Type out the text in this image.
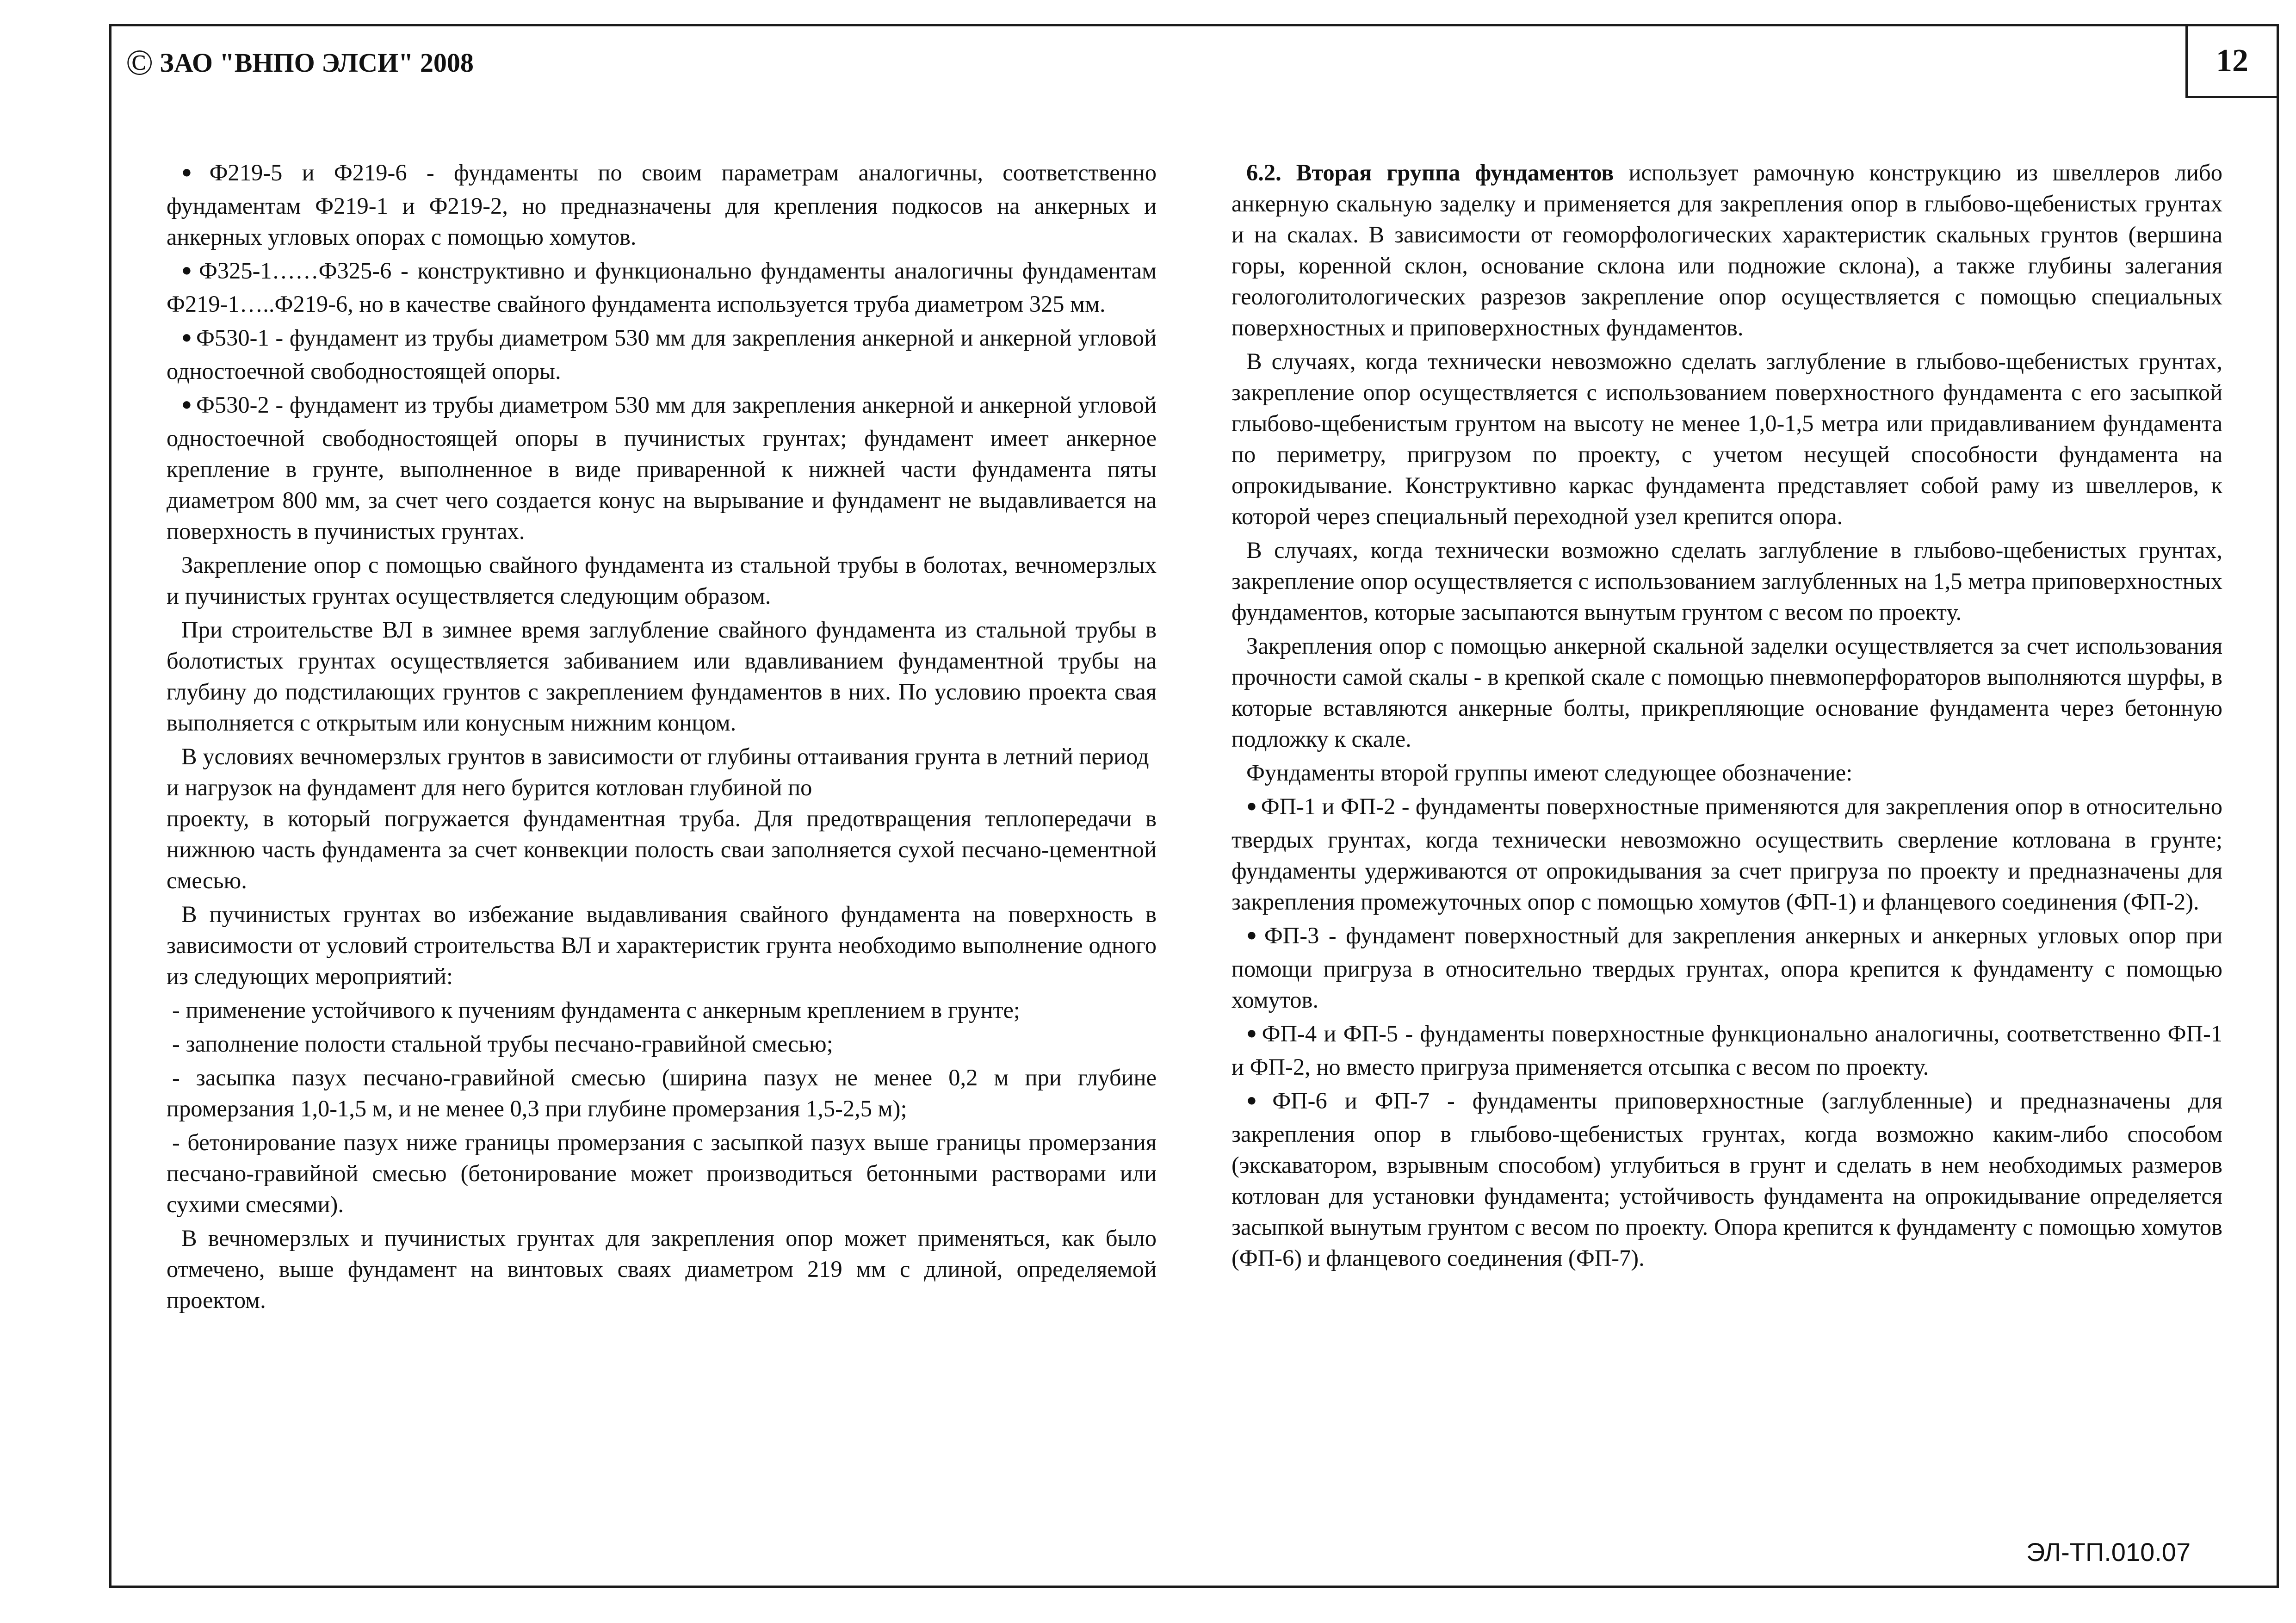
© ЗАО "ВНПО ЭЛСИ" 2008	12

● Ф219-5 и Ф219-6 - фундаменты по своим параметрам аналогичны, соответственно фундаментам Ф219-1 и Ф219-2, но предназначены для крепления подкосов на анкерных и анкерных угловых опорах с помощью хомутов.

● Ф325-1……Ф325-6 - конструктивно и функционально фундаменты аналогичны фундаментам Ф219-1…..Ф219-6, но в качестве свайного фундамента используется труба диаметром 325 мм.

● Ф530-1 - фундамент из трубы диаметром 530 мм для закрепления анкерной и анкерной угловой одностоечной свободностоящей опоры.

● Ф530-2 - фундамент из трубы диаметром 530 мм для закрепления анкерной и анкерной угловой одностоечной свободностоящей опоры в пучинистых грунтах; фундамент имеет анкерное крепление в грунте, выполненное в виде приваренной к нижней части фундамента пяты диаметром 800 мм, за счет чего создается конус на вырывание и фундамент не выдавливается на поверхность в пучинистых грунтах.

Закрепление опор с помощью свайного фундамента из стальной трубы в болотах, вечномерзлых и пучинистых грунтах осуществляется следующим образом.

При строительстве ВЛ в зимнее время заглубление свайного фундамента из стальной трубы в болотистых грунтах осуществляется забиванием или вдавливанием фундаментной трубы на глубину до подстилающих грунтов с закреплением фундаментов в них. По условию проекта свая выполняется с открытым или конусным нижним концом.

В условиях вечномерзлых грунтов в зависимости от глубины оттаивания грунта в летний период и нагрузок на фундамент для него бурится котлован глубиной по

проекту, в который погружается фундаментная труба. Для предотвращения теплопередачи в нижнюю часть фундамента за счет конвекции полость сваи заполняется сухой песчано-цементной смесью.

В пучинистых грунтах во избежание выдавливания свайного фундамента на поверхность в зависимости от условий строительства ВЛ и характеристик грунта необходимо выполнение одного из следующих мероприятий:

- применение устойчивого к пучениям фундамента с анкерным креплением в грунте;

- заполнение полости стальной трубы песчано-гравийной смесью;

- засыпка пазух песчано-гравийной смесью (ширина пазух не менее 0,2 м при глубине промерзания 1,0-1,5 м, и не менее 0,3 при глубине промерзания 1,5-2,5 м);

- бетонирование пазух ниже границы промерзания с засыпкой пазух выше границы промерзания песчано-гравийной смесью (бетонирование может производиться бетонными растворами или сухими смесями).

В вечномерзлых и пучинистых грунтах для закрепления опор может применяться, как было отмечено, выше фундамент на винтовых сваях диаметром 219 мм с длиной, определяемой проектом.

6.2. Вторая группа фундаментов использует рамочную конструкцию из швеллеров либо анкерную скальную заделку и применяется для закрепления опор в глыбово-щебенистых грунтах и на скалах. В зависимости от геоморфологических характеристик скальных грунтов (вершина горы, коренной склон, основание склона или подножие склона), а также глубины залегания геологолитологических разрезов закрепление опор осуществляется с помощью специальных поверхностных и приповерхностных фундаментов.

В случаях, когда технически невозможно сделать заглубление в глыбово-щебенистых грунтах, закрепление опор осуществляется с использованием поверхностного фундамента с его засыпкой глыбово-щебенистым грунтом на высоту не менее 1,0-1,5 метра или придавливанием фундамента по периметру, пригрузом по проекту, с учетом несущей способности фундамента на опрокидывание. Конструктивно каркас фундамента представляет собой раму из швеллеров, к которой через специальный переходной узел крепится опора.

В случаях, когда технически возможно сделать заглубление в глыбово-щебенистых грунтах, закрепление опор осуществляется с использованием заглубленных на 1,5 метра приповерхностных фундаментов, которые засыпаются вынутым грунтом с весом по проекту.

Закрепления опор с помощью анкерной скальной заделки осуществляется за счет использования прочности самой скалы - в крепкой скале с помощью пневмоперфораторов выполняются шурфы, в которые вставляются анкерные болты, прикрепляющие основание фундамента через бетонную подложку к скале.

Фундаменты второй группы имеют следующее обозначение:

● ФП-1 и ФП-2 - фундаменты поверхностные применяются для закрепления опор в относительно твердых грунтах, когда технически невозможно осуществить сверление котлована в грунте; фундаменты удерживаются от опрокидывания за счет пригруза по проекту и предназначены для закрепления промежуточных опор с помощью хомутов (ФП-1) и фланцевого соединения (ФП-2).

● ФП-3 - фундамент поверхностный для закрепления анкерных и анкерных угловых опор при помощи пригруза в относительно твердых грунтах, опора крепится к фундаменту с помощью хомутов.

● ФП-4 и ФП-5 - фундаменты поверхностные функционально аналогичны, соответственно ФП-1 и ФП-2, но вместо пригруза применяется отсыпка с весом по проекту.

● ФП-6 и ФП-7 - фундаменты приповерхностные (заглубленные) и предназначены для закрепления опор в глыбово-щебенистых грунтах, когда возможно каким-либо способом (экскаватором, взрывным способом) углубиться в грунт и сделать в нем необходимых размеров котлован для установки фундамента; устойчивость фундамента на опрокидывание определяется засыпкой вынутым грунтом с весом по проекту. Опора крепится к фундаменту с помощью хомутов (ФП-6) и фланцевого соединения (ФП-7).

ЭЛ-ТП.010.07
